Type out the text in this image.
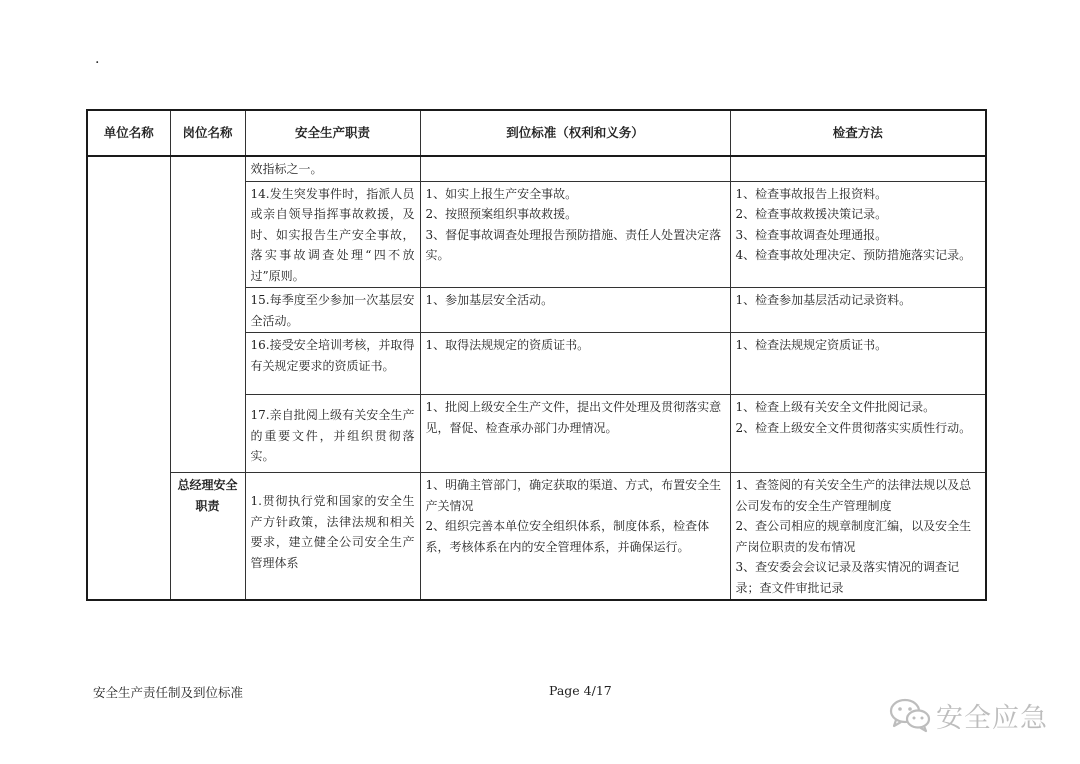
.
单位名称	岗位名称	安全生产职责	到位标准（权利和义务）	检查方法

		效指标之一。		

		14.发生突发事件时，指派人员或亲自领导指挥事故救援，及时、如实报告生产安全事故，落实事故调查处理“四不放过”原则。	1、如实上报生产安全事故。
2、按照预案组织事故救援。
3、督促事故调查处理报告预防措施、责任人处置决定落实。	1、检查事故报告上报资料。
2、检查事故救援决策记录。
3、检查事故调查处理通报。
4、检查事故处理决定、预防措施落实记录。

		15.每季度至少参加一次基层安全活动。	1、参加基层安全活动。	1、检查参加基层活动记录资料。

		16.接受安全培训考核，并取得有关规定要求的资质证书。	1、取得法规规定的资质证书。	1、检查法规规定资质证书。

		17.亲自批阅上级有关安全生产的重要文件，并组织贯彻落实。	1、批阅上级安全生产文件，提出文件处理及贯彻落实意见，督促、检查承办部门办理情况。	1、检查上级有关安全文件批阅记录。
2、检查上级安全文件贯彻落实实质性行动。

	总经理安全职责	1.贯彻执行党和国家的安全生产方针政策，法律法规和相关要求，建立健全公司安全生产管理体系	1、明确主管部门，确定获取的渠道、方式，布置安全生产关情况
2、组织完善本单位安全组织体系，制度体系，检查体系，考核体系在内的安全管理体系，并确保运行。	1、查签阅的有关安全生产的法律法规以及总公司发布的安全生产管理制度
2、查公司相应的规章制度汇编，以及安全生产岗位职责的发布情况
3、查安委会会议记录及落实情况的调查记录；查文件审批记录
安全生产责任制及到位标准	Page 4/17
安全应急
